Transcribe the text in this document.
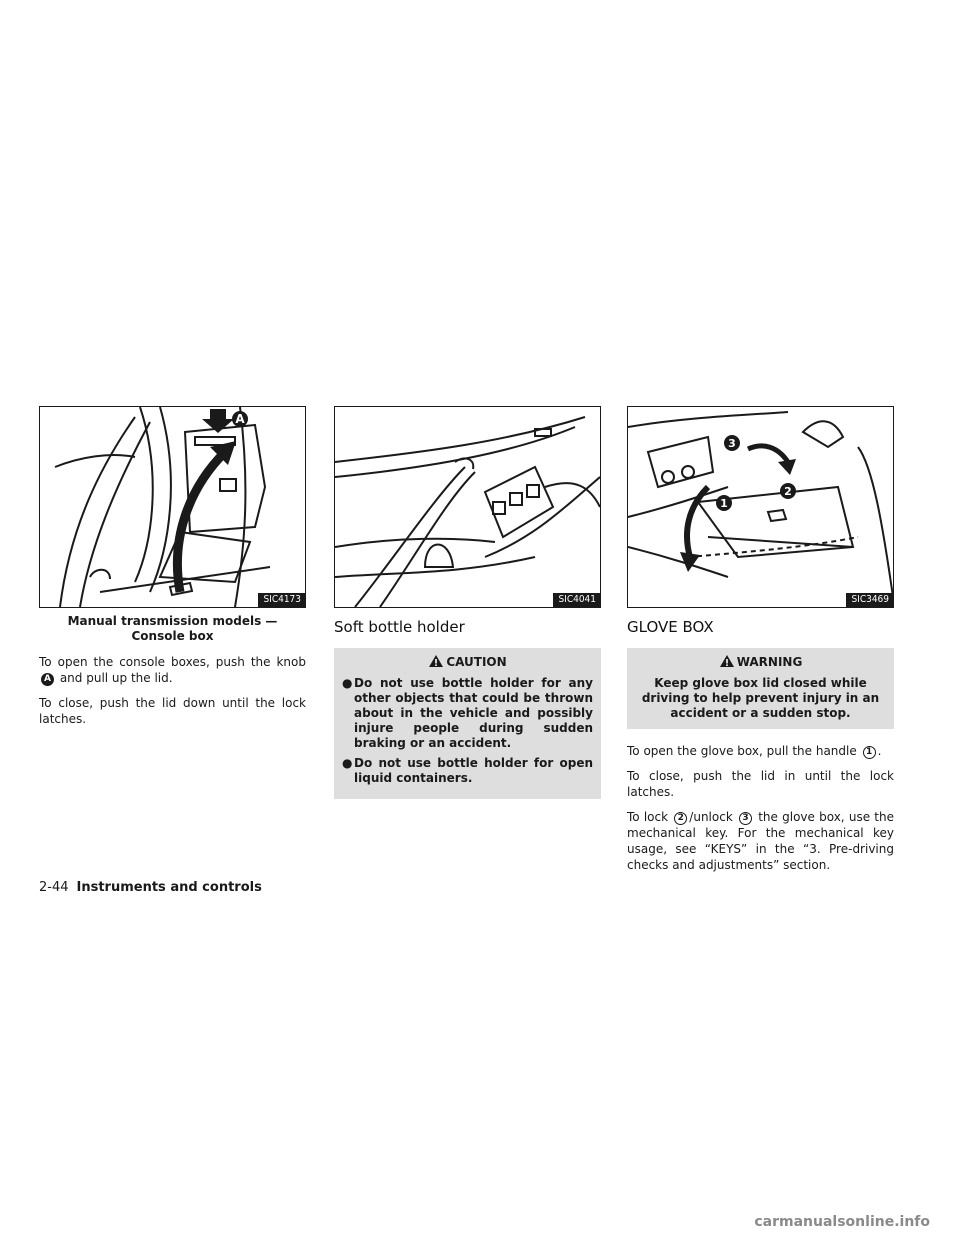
A
SIC4173
Manual transmission models — Console box

To open the console boxes, push the knob A and pull up the lid.

To close, push the lid down until the lock latches.

SIC4041
Soft bottle holder
CAUTION
● Do not use bottle holder for any other objects that could be thrown about in the vehicle and possibly injure people during sudden braking or an accident.
● Do not use bottle holder for open liquid containers.
3
2
1
SIC3469
GLOVE BOX
WARNING
Keep glove box lid closed while driving to help prevent injury in an accident or a sudden stop.

To open the glove box, pull the handle 1 .

To close, push the lid in until the lock latches.

To lock 2 /unlock 3 the glove box, use the mechanical key. For the mechanical key usage, see “KEYS” in the “3. Pre-driving checks and adjustments” section.

2-44 Instruments and controls
carmanualsonline.info
